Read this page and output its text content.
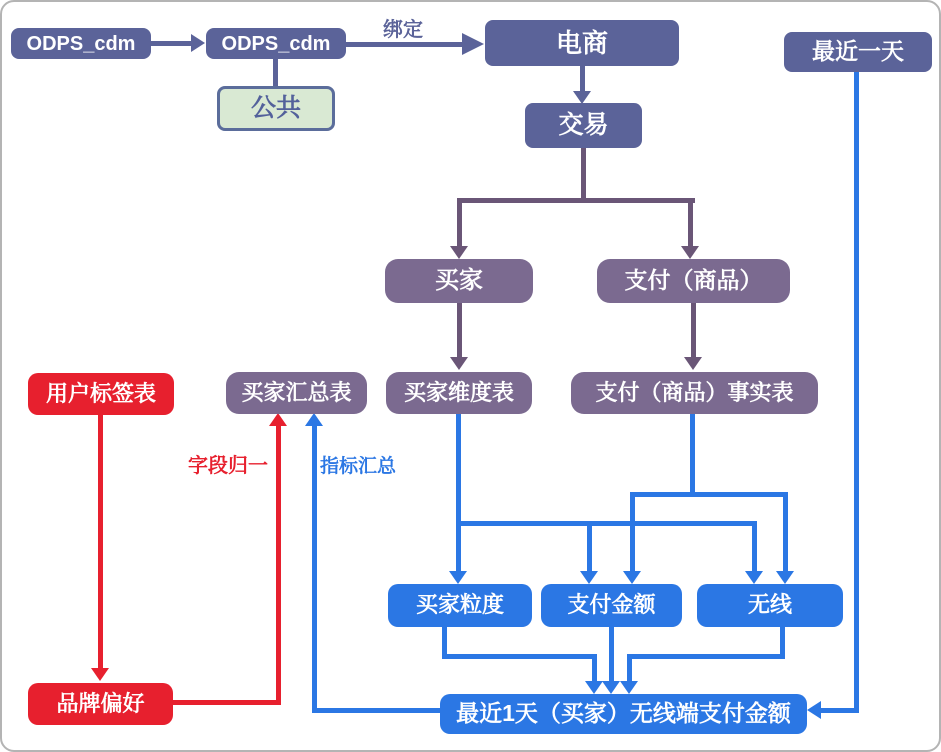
绑定
字段归一	指标汇总
ODPS_cdm	ODPS_cdm
公共
电商	最近一天
交易
买家	支付（商品）
买家汇总表	买家维度表	支付（商品）事实表
用户标签表
品牌偏好
买家粒度	支付金额	无线
最近1天（买家）无线端支付金额
